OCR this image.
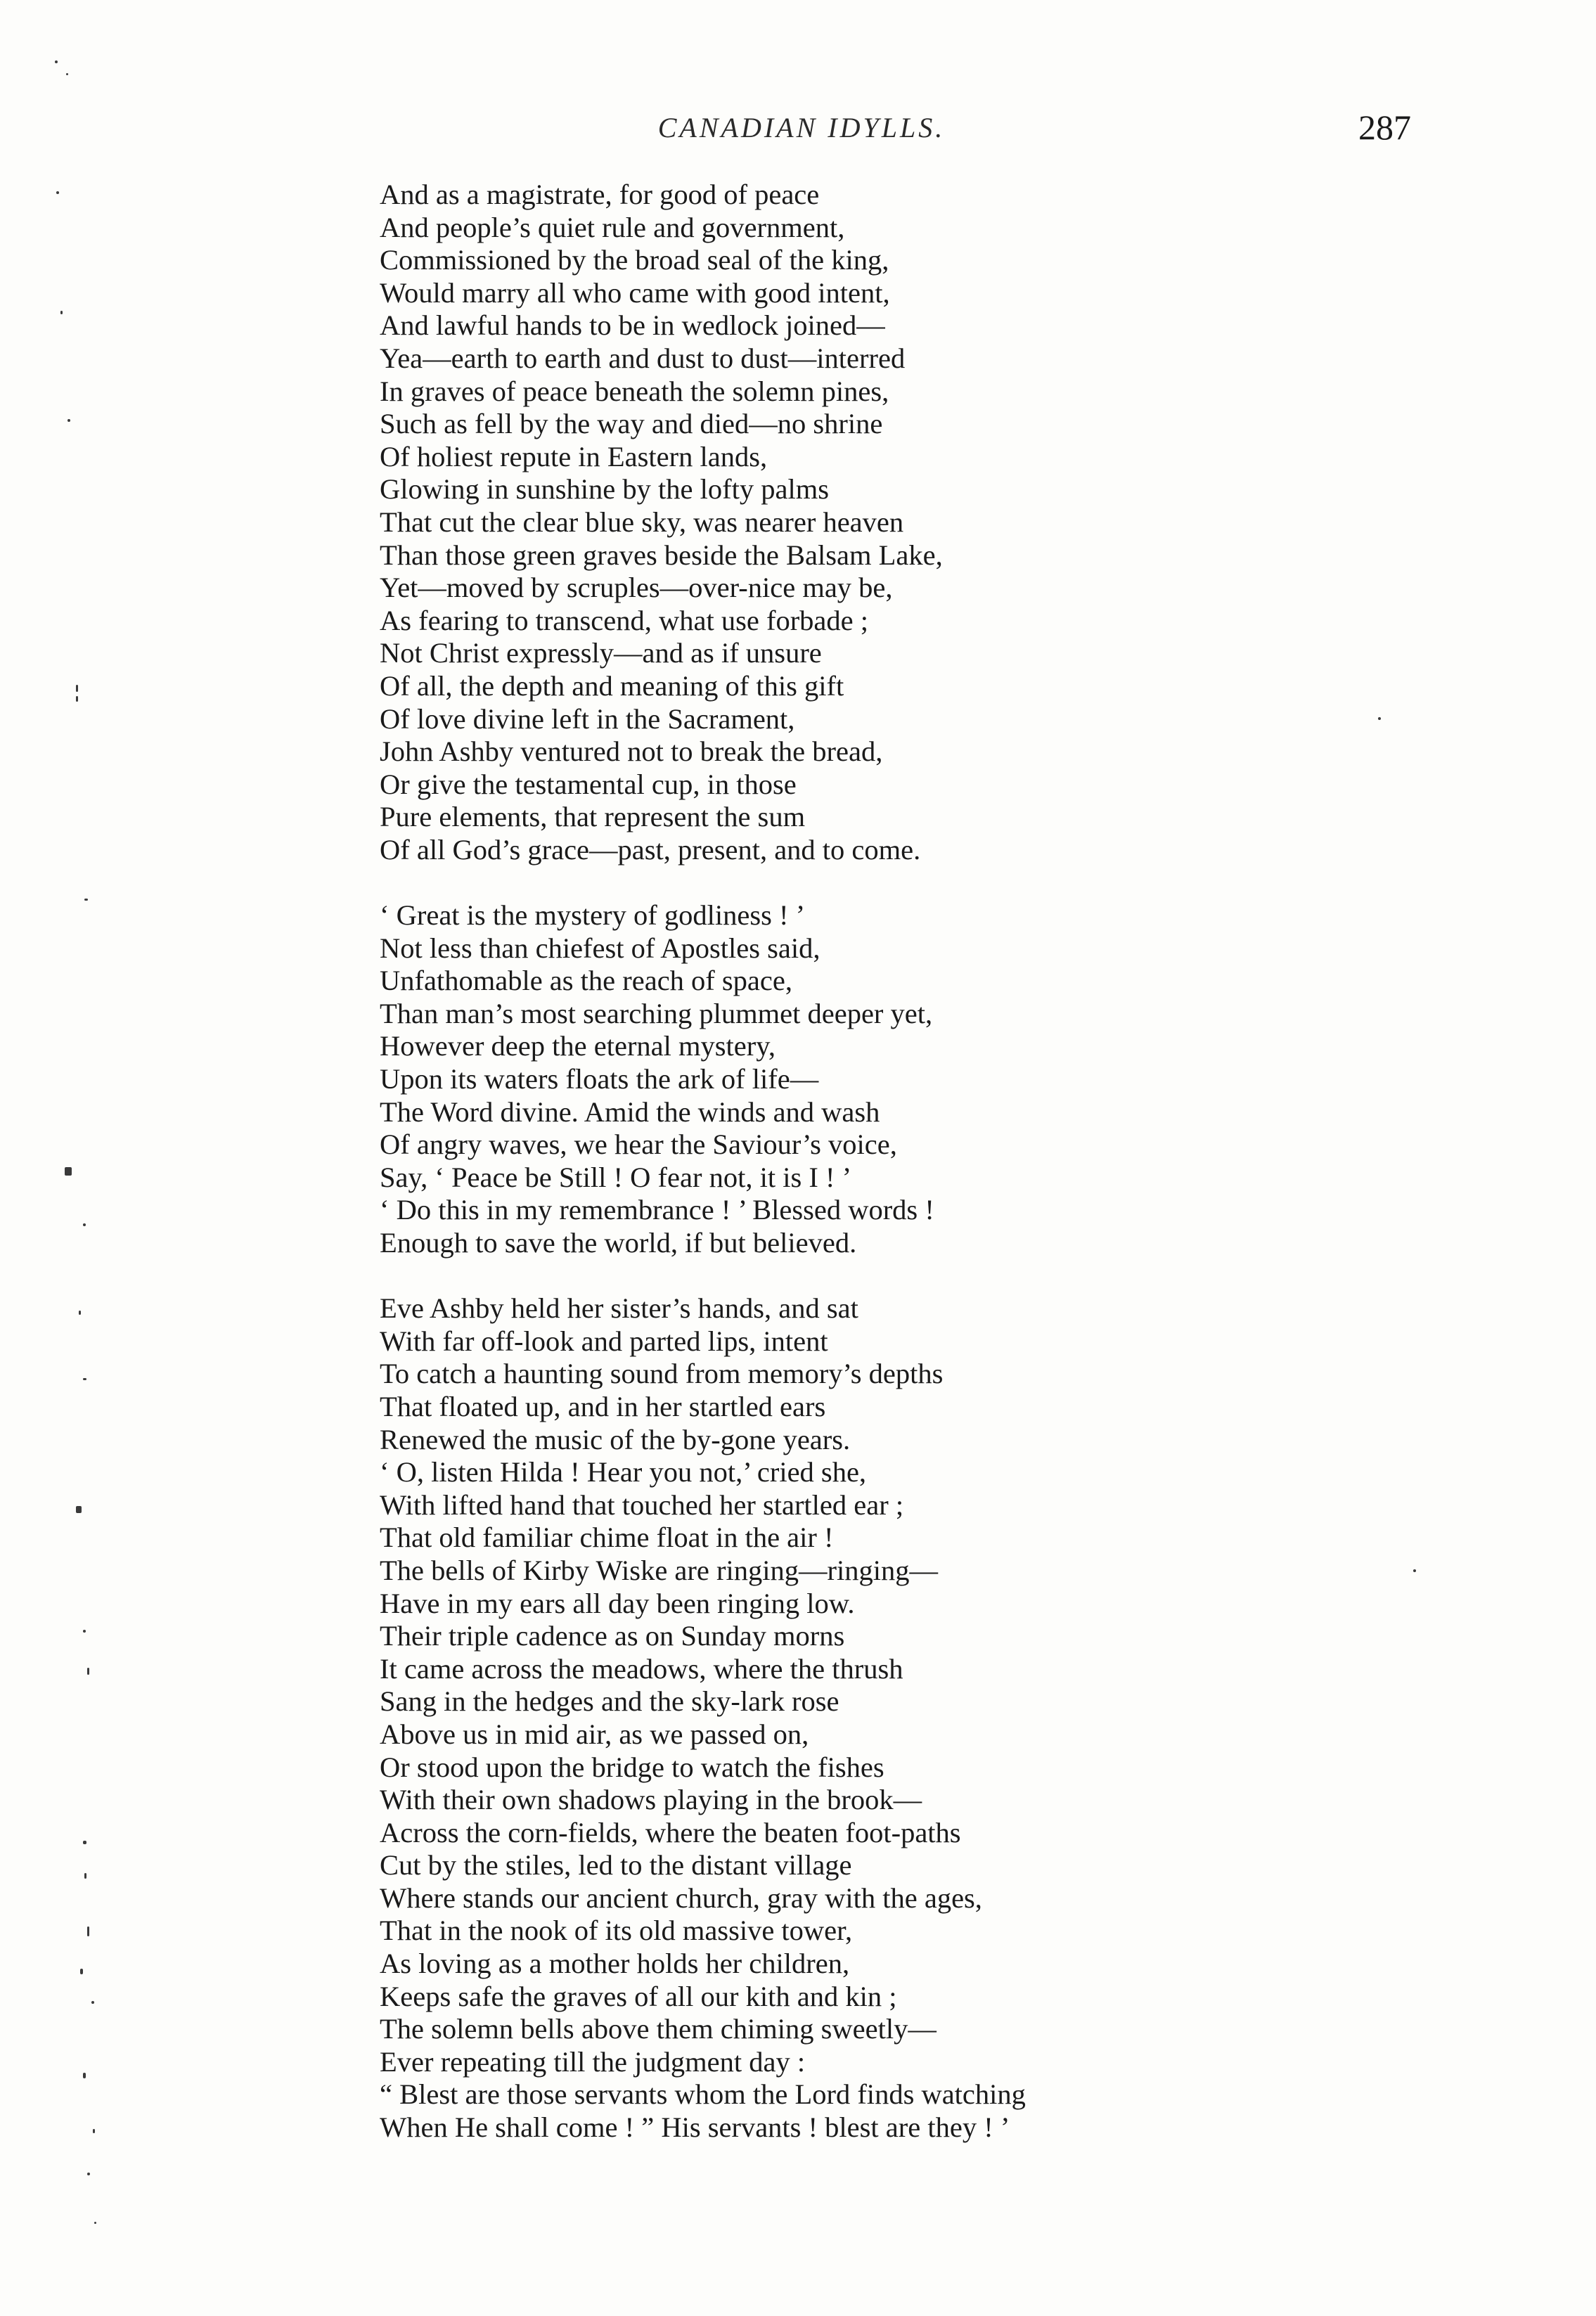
CANADIAN IDYLLS.	287
And as a magistrate, for good of peace
And people’s quiet rule and government,
Commissioned by the broad seal of the king,
Would marry all who came with good intent,
And lawful hands to be in wedlock joined—
Yea—earth to earth and dust to dust—interred
In graves of peace beneath the solemn pines,
Such as fell by the way and died—no shrine
Of holiest repute in Eastern lands,
Glowing in sunshine by the lofty palms
That cut the clear blue sky, was nearer heaven
Than those green graves beside the Balsam Lake,
Yet—moved by scruples—over-nice may be,
As fearing to transcend, what use forbade ;
Not Christ expressly—and as if unsure
Of all, the depth and meaning of this gift
Of love divine left in the Sacrament,
John Ashby ventured not to break the bread,
Or give the testamental cup, in those
Pure elements, that represent the sum
Of all God’s grace—past, present, and to come.
‘ Great is the mystery of godliness ! ’
Not less than chiefest of Apostles said,
Unfathomable as the reach of space,
Than man’s most searching plummet deeper yet,
However deep the eternal mystery,
Upon its waters floats the ark of life—
The Word divine. Amid the winds and wash
Of angry waves, we hear the Saviour’s voice,
Say, ‘ Peace be Still ! O fear not, it is I ! ’
‘ Do this in my remembrance ! ’ Blessed words !
Enough to save the world, if but believed.
Eve Ashby held her sister’s hands, and sat
With far off-look and parted lips, intent
To catch a haunting sound from memory’s depths
That floated up, and in her startled ears
Renewed the music of the by-gone years.
‘ O, listen Hilda ! Hear you not,’ cried she,
With lifted hand that touched her startled ear ;
That old familiar chime float in the air !
The bells of Kirby Wiske are ringing—ringing—
Have in my ears all day been ringing low.
Their triple cadence as on Sunday morns
It came across the meadows, where the thrush
Sang in the hedges and the sky-lark rose
Above us in mid air, as we passed on,
Or stood upon the bridge to watch the fishes
With their own shadows playing in the brook—
Across the corn-fields, where the beaten foot-paths
Cut by the stiles, led to the distant village
Where stands our ancient church, gray with the ages,
That in the nook of its old massive tower,
As loving as a mother holds her children,
Keeps safe the graves of all our kith and kin ;
The solemn bells above them chiming sweetly—
Ever repeating till the judgment day :
“ Blest are those servants whom the Lord finds watching
When He shall come ! ” His servants ! blest are they ! ’
